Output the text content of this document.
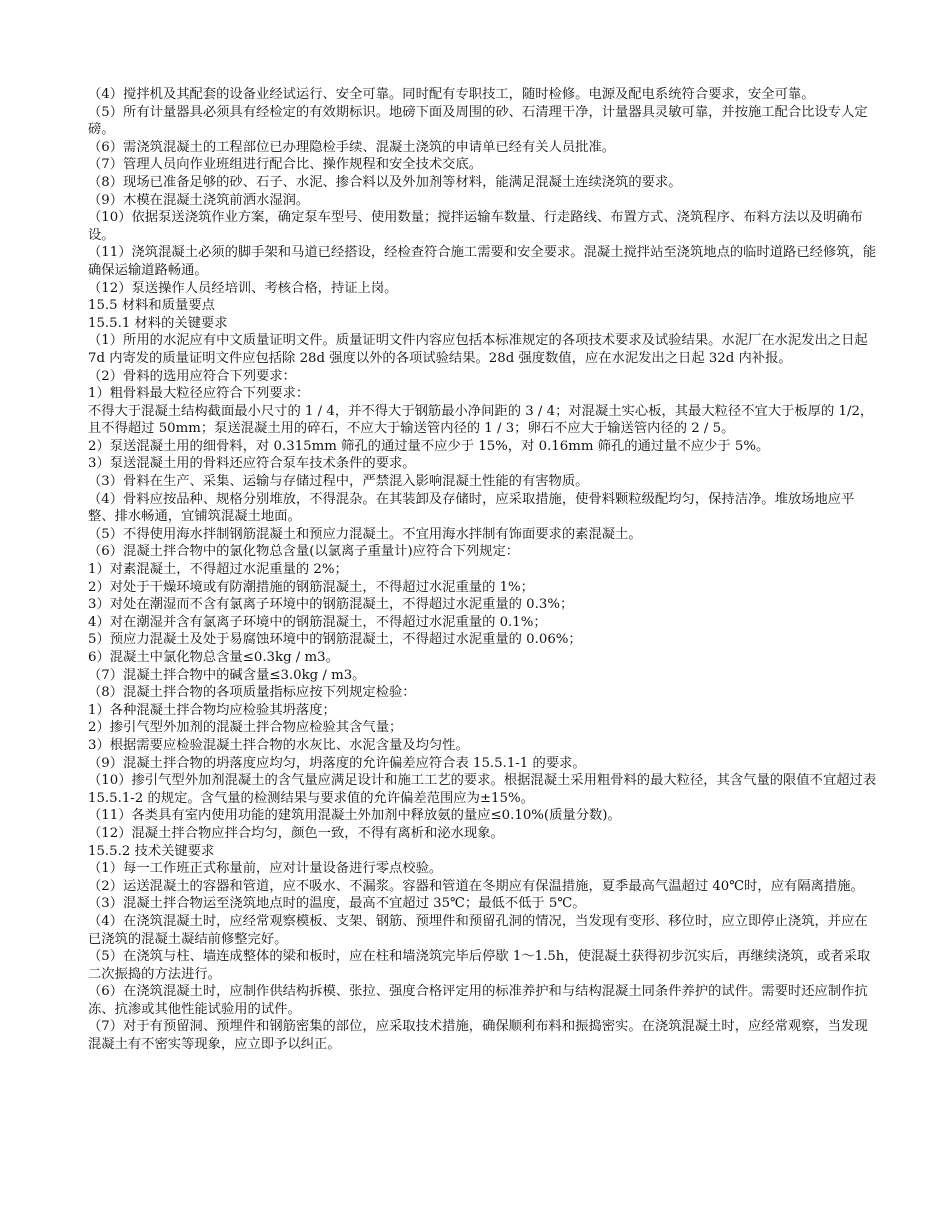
（4）搅拌机及其配套的设备业经试运行、安全可靠。同时配有专职技工，随时检修。电源及配电系统符合要求，安全可靠。

（5）所有计量器具必须具有经检定的有效期标识。地磅下面及周围的砂、石清理干净，计量器具灵敏可靠，并按施工配合比设专人定磅。

（6）需浇筑混凝土的工程部位已办理隐检手续、混凝土浇筑的申请单已经有关人员批准。

（7）管理人员向作业班组进行配合比、操作规程和安全技术交底。

（8）现场已准备足够的砂、石子、水泥、掺合料以及外加剂等材料，能满足混凝土连续浇筑的要求。

（9）木模在混凝土浇筑前洒水湿润。

（10）依据泵送浇筑作业方案，确定泵车型号、使用数量；搅拌运输车数量、行走路线、布置方式、浇筑程序、布料方法以及明确布设。

（11）浇筑混凝土必须的脚手架和马道已经搭设，经检查符合施工需要和安全要求。混凝土搅拌站至浇筑地点的临时道路已经修筑，能确保运输道路畅通。

（12）泵送操作人员经培训、考核合格，持证上岗。

15.5 材料和质量要点

15.5.1 材料的关键要求

（1）所用的水泥应有中文质量证明文件。质量证明文件内容应包括本标准规定的各项技术要求及试验结果。水泥厂在水泥发出之日起 7d 内寄发的质量证明文件应包括除 28d 强度以外的各项试验结果。28d 强度数值，应在水泥发出之日起 32d 内补报。

（2）骨料的选用应符合下列要求：

1）粗骨料最大粒径应符合下列要求：

不得大于混凝土结构截面最小尺寸的 1 / 4，并不得大于钢筋最小净间距的 3 / 4；对混凝土实心板，其最大粒径不宜大于板厚的 1/2，且不得超过 50mm；泵送混凝土用的碎石，不应大于输送管内径的 1 / 3；卵石不应大于输送管内径的 2 / 5。

2）泵送混凝土用的细骨料，对 0.315mm 筛孔的通过量不应少于 15%，对 0.16mm 筛孔的通过量不应少于 5%。

3）泵送混凝土用的骨料还应符合泵车技术条件的要求。

（3）骨料在生产、采集、运输与存储过程中，严禁混入影响混凝土性能的有害物质。

（4）骨料应按品种、规格分别堆放，不得混杂。在其装卸及存储时，应采取措施，使骨料颗粒级配均匀，保持洁净。堆放场地应平整、排水畅通，宜铺筑混凝土地面。

（5）不得使用海水拌制钢筋混凝土和预应力混凝土。不宜用海水拌制有饰面要求的素混凝土。

（6）混凝土拌合物中的氯化物总含量(以氯离子重量计)应符合下列规定：

1）对素混凝土，不得超过水泥重量的 2%；

2）对处于干燥环境或有防潮措施的钢筋混凝土，不得超过水泥重量的 1%；

3）对处在潮湿而不含有氯离子环境中的钢筋混凝土，不得超过水泥重量的 0.3%；

4）对在潮湿并含有氯离子环境中的钢筋混凝土，不得超过水泥重量的 0.1%；

5）预应力混凝土及处于易腐蚀环境中的钢筋混凝土，不得超过水泥重量的 0.06%；

6）混凝土中氯化物总含量≤0.3kg / m3。

（7）混凝土拌合物中的碱含量≤3.0kg / m3。

（8）混凝土拌合物的各项质量指标应按下列规定检验：

1）各种混凝土拌合物均应检验其坍落度；

2）掺引气型外加剂的混凝土拌合物应检验其含气量；

3）根据需要应检验混凝土拌合物的水灰比、水泥含量及均匀性。

（9）混凝土拌合物的坍落度应均匀，坍落度的允许偏差应符合表 15.5.1-1 的要求。

（10）掺引气型外加剂混凝土的含气量应满足设计和施工工艺的要求。根据混凝土采用粗骨料的最大粒径，其含气量的限值不宜超过表 15.5.1-2 的规定。含气量的检测结果与要求值的允许偏差范围应为±15%。

（11）各类具有室内使用功能的建筑用混凝土外加剂中释放氨的量应≤0.10%(质量分数)。

（12）混凝土拌合物应拌合均匀，颜色一致，不得有离析和泌水现象。

15.5.2 技术关键要求

（1）每一工作班正式称量前，应对计量设备进行零点校验。

（2）运送混凝土的容器和管道，应不吸水、不漏浆。容器和管道在冬期应有保温措施，夏季最高气温超过 40℃时，应有隔离措施。

（3）混凝土拌合物运至浇筑地点时的温度，最高不宜超过 35℃；最低不低于 5℃。

（4）在浇筑混凝土时，应经常观察模板、支架、钢筋、预埋件和预留孔洞的情况，当发现有变形、移位时，应立即停止浇筑，并应在已浇筑的混凝土凝结前修整完好。

（5）在浇筑与柱、墙连成整体的梁和板时，应在柱和墙浇筑完毕后停歇 1～1.5h，使混凝土获得初步沉实后，再继续浇筑，或者采取二次振捣的方法进行。

（6）在浇筑混凝土时，应制作供结构拆模、张拉、强度合格评定用的标准养护和与结构混凝土同条件养护的试件。需要时还应制作抗冻、抗渗或其他性能试验用的试件。

（7）对于有预留洞、预埋件和钢筋密集的部位，应采取技术措施，确保顺利布料和振捣密实。在浇筑混凝土时，应经常观察，当发现混凝土有不密实等现象，应立即予以纠正。
